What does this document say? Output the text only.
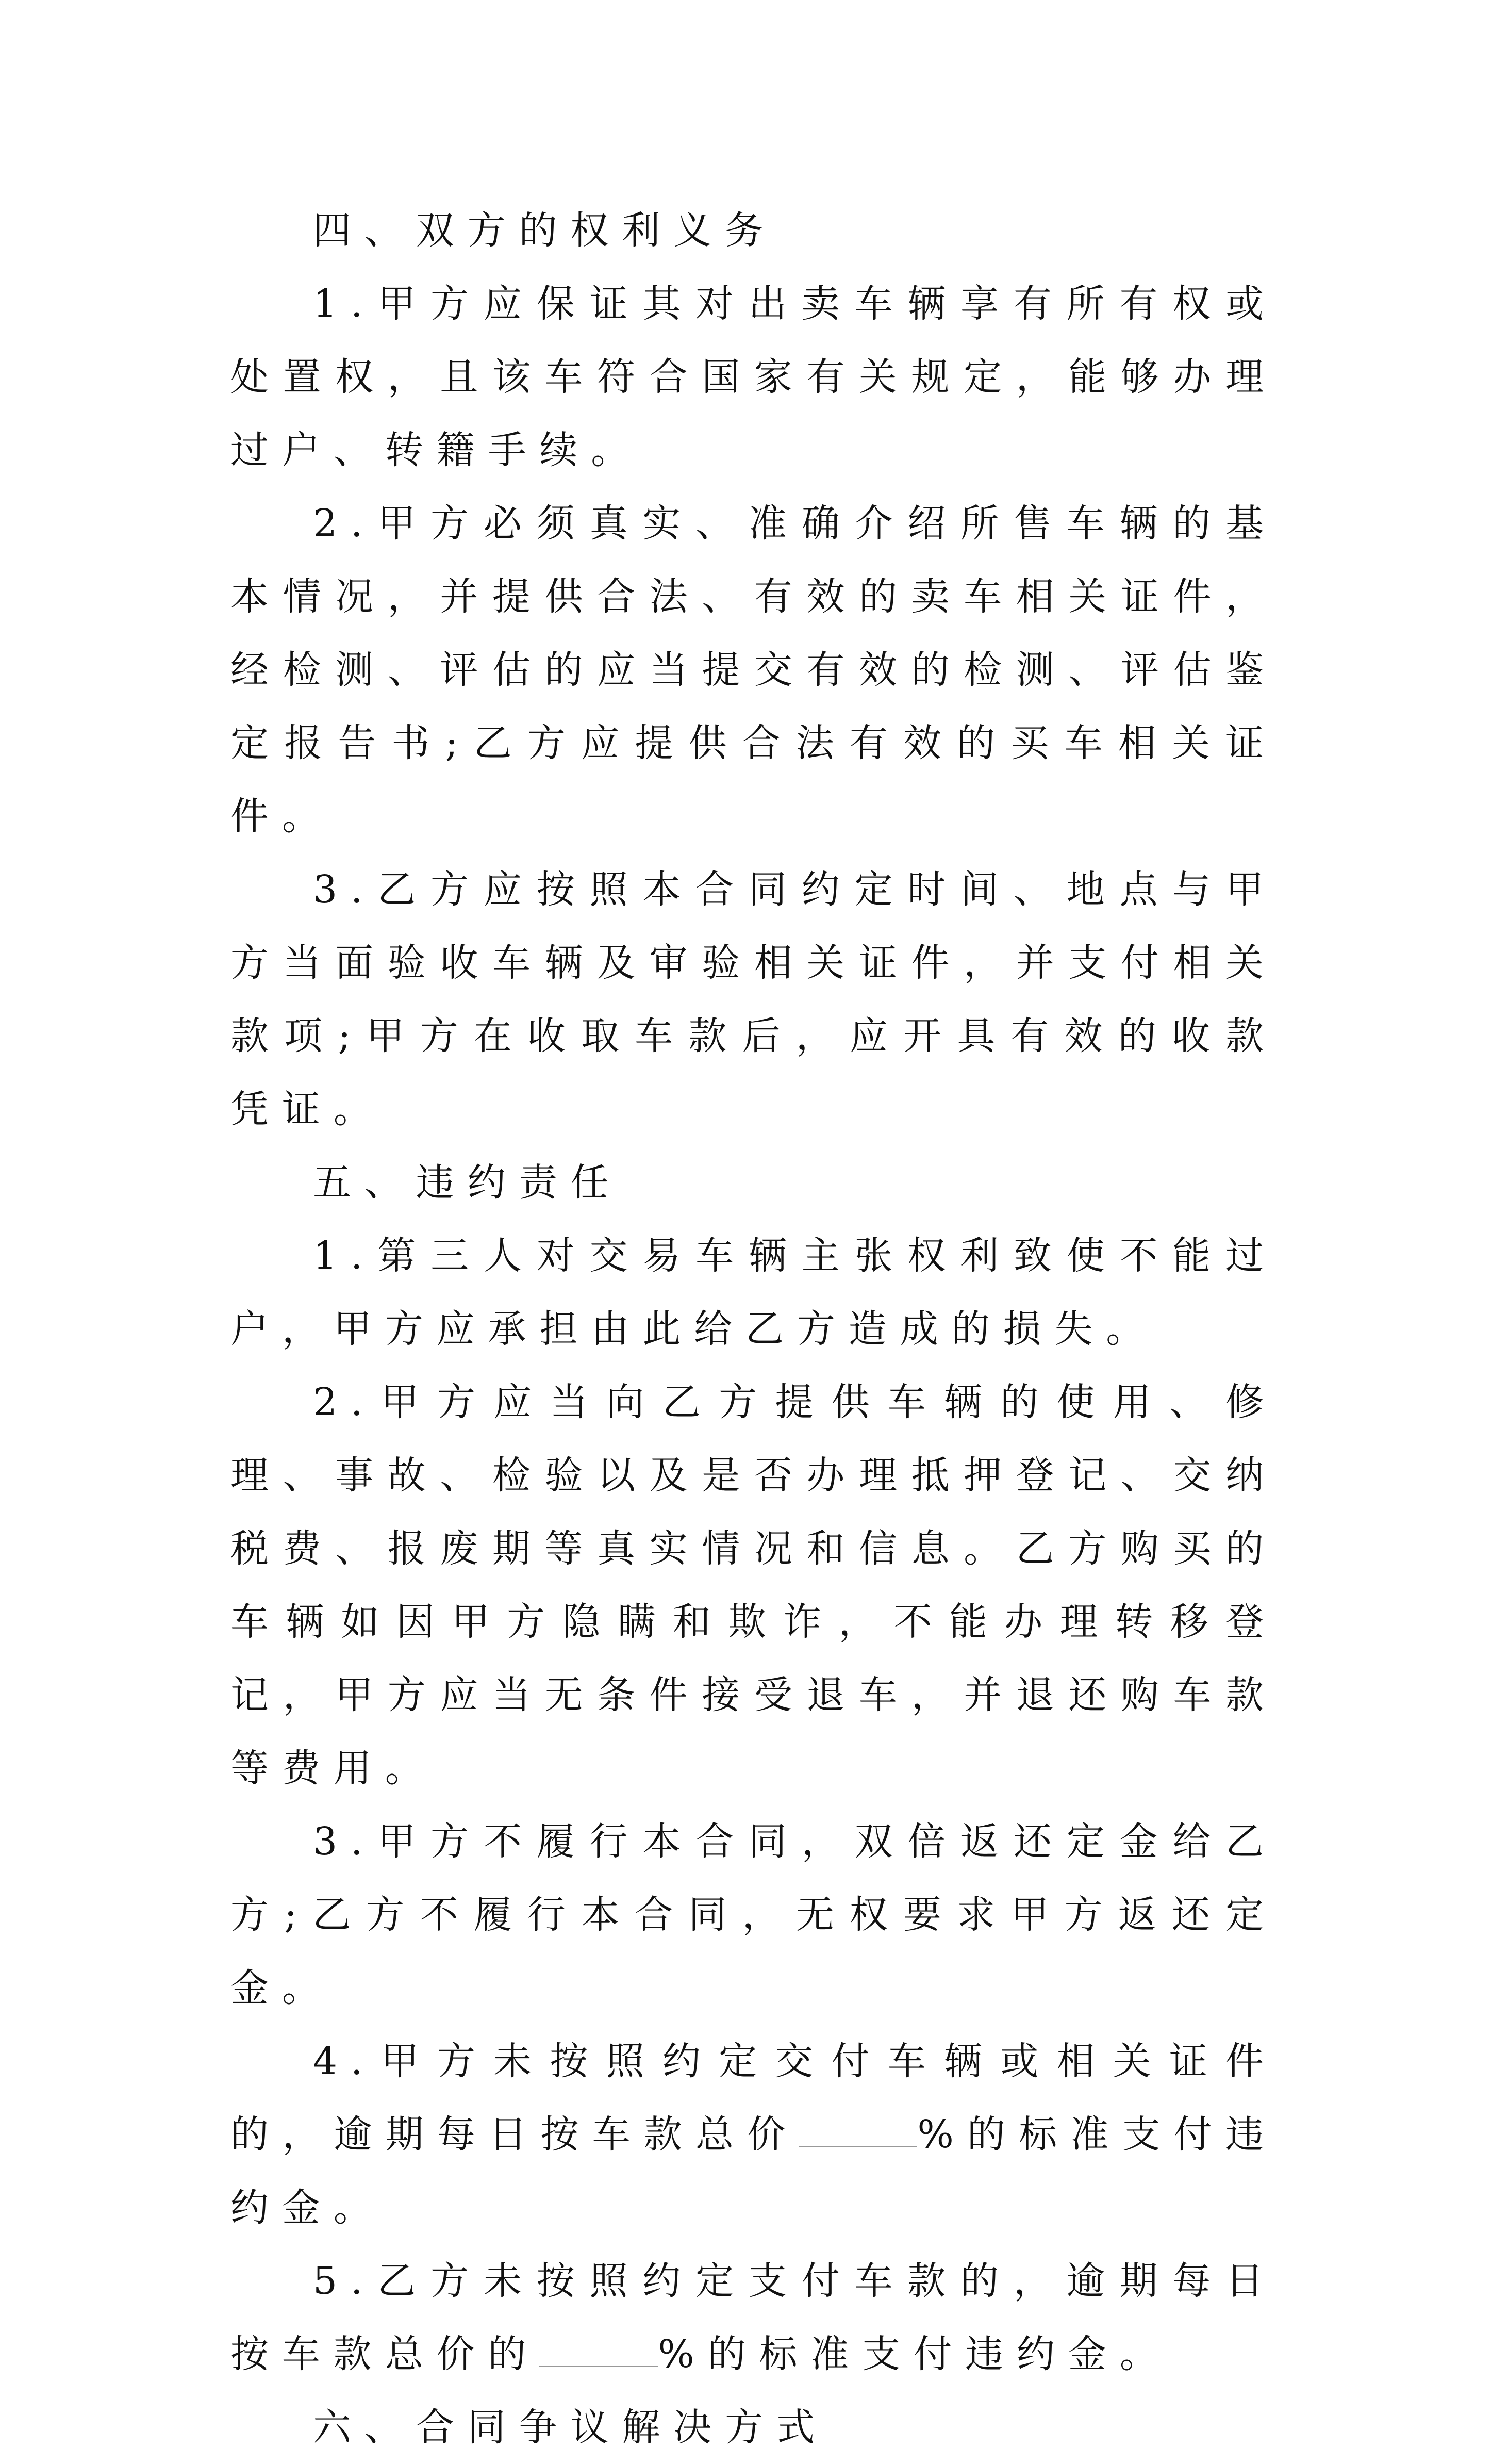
四、双方的权利义务

1.甲方应保证其对出卖车辆享有所有权或处置权，且该车符合国家有关规定，能够办理过户、转籍手续。

2.甲方必须真实、准确介绍所售车辆的基本情况，并提供合法、有效的卖车相关证件，经检测、评估的应当提交有效的检测、评估鉴定报告书;乙方应提供合法有效的买车相关证件。

3.乙方应按照本合同约定时间、地点与甲方当面验收车辆及审验相关证件，并支付相关款项;甲方在收取车款后，应开具有效的收款凭证。

五、违约责任

1.第三人对交易车辆主张权利致使不能过户，甲方应承担由此给乙方造成的损失。

2.甲方应当向乙方提供车辆的使用、修理、事故、检验以及是否办理抵押登记、交纳税费、报废期等真实情况和信息。乙方购买的车辆如因甲方隐瞒和欺诈，不能办理转移登记，甲方应当无条件接受退车，并退还购车款等费用。

3.甲方不履行本合同，双倍返还定金给乙方;乙方不履行本合同，无权要求甲方返还定金。

4.甲方未按照约定交付车辆或相关证件的，逾期每日按车款总价	%的标准支付违约金。

5.乙方未按照约定支付车款的，逾期每日按车款总价的	%的标准支付违约金。

六、合同争议解决方式
